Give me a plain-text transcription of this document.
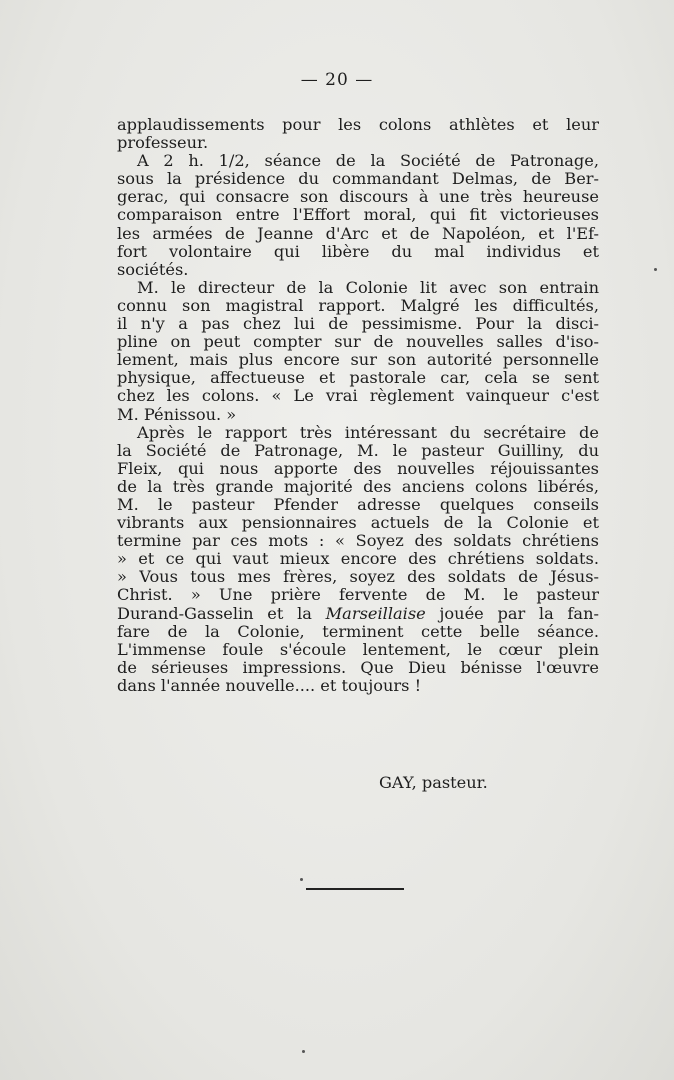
— 20 —
applaudissements pour les colons athlètes et leur
professeur.
A 2 h. 1/2, séance de la Société de Patronage,
sous la présidence du commandant Delmas, de Ber-
gerac, qui consacre son discours à une très heureuse
comparaison entre l'Effort moral, qui fit victorieuses
les armées de Jeanne d'Arc et de Napoléon, et l'Ef-
fort volontaire qui libère du mal individus et
sociétés.
M. le directeur de la Colonie lit avec son entrain
connu son magistral rapport. Malgré les difficultés,
il n'y a pas chez lui de pessimisme. Pour la disci-
pline on peut compter sur de nouvelles salles d'iso-
lement, mais plus encore sur son autorité personnelle
physique, affectueuse et pastorale car, cela se sent
chez les colons. « Le vrai règlement vainqueur c'est
M. Pénissou. »
Après le rapport très intéressant du secrétaire de
la Société de Patronage, M. le pasteur Guilliny, du
Fleix, qui nous apporte des nouvelles réjouissantes
de la très grande majorité des anciens colons libérés,
M. le pasteur Pfender adresse quelques conseils
vibrants aux pensionnaires actuels de la Colonie et
termine par ces mots : « Soyez des soldats chrétiens
» et ce qui vaut mieux encore des chrétiens soldats.
» Vous tous mes frères, soyez des soldats de Jésus-
Christ. » Une prière fervente de M. le pasteur
Durand-Gasselin et la Marseillaise jouée par la fan-
fare de la Colonie, terminent cette belle séance.
L'immense foule s'écoule lentement, le cœur plein
de sérieuses impressions. Que Dieu bénisse l'œuvre
dans l'année nouvelle.... et toujours !
GAY, pasteur.
